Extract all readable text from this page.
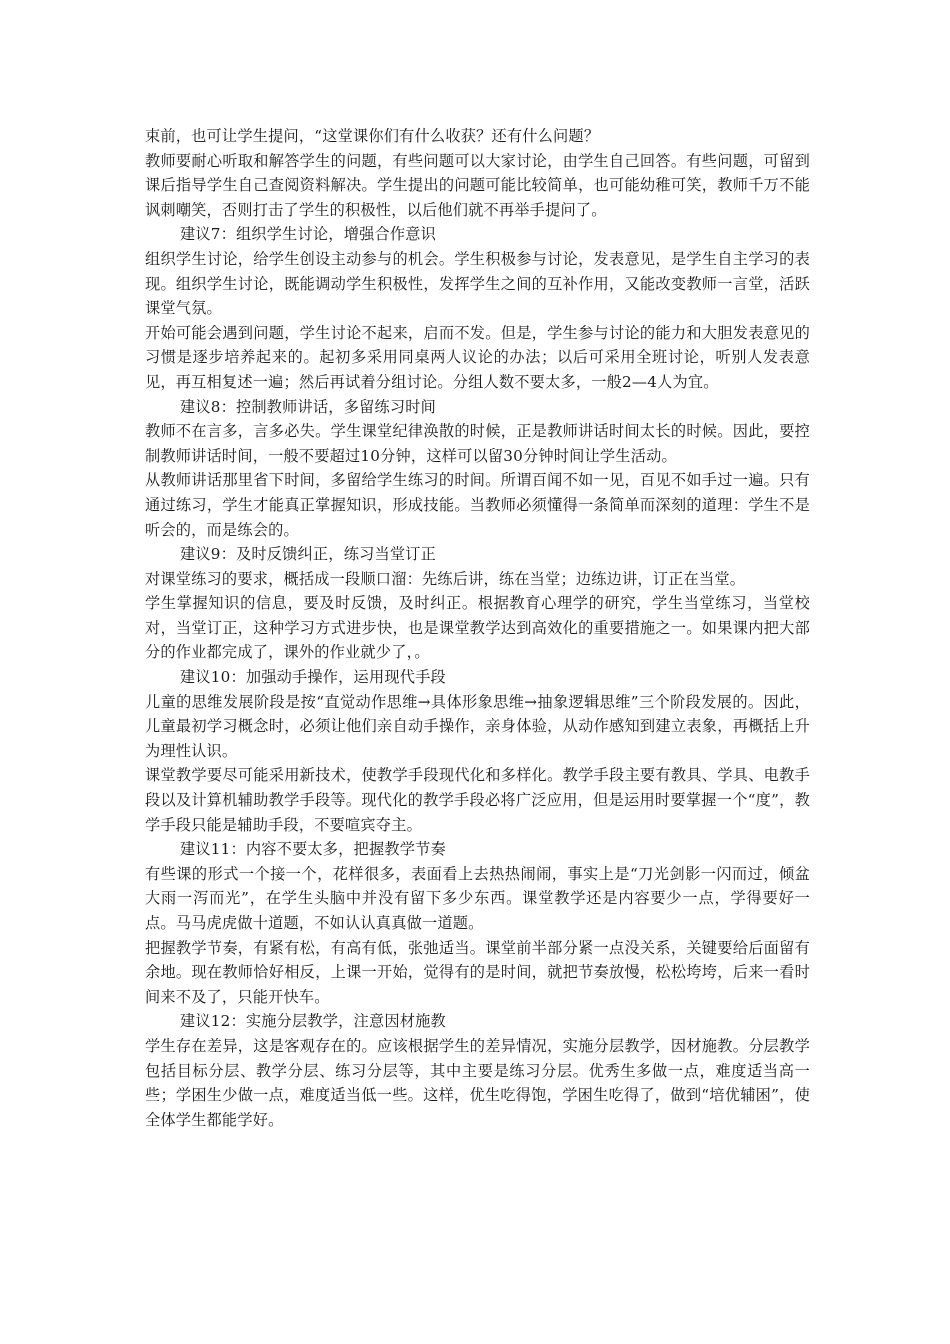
束前，也可让学生提问，“这堂课你们有什么收获？还有什么问题？

教师要耐心听取和解答学生的问题，有些问题可以大家讨论，由学生自己回答。有些问题，可留到课后指导学生自己查阅资料解决。学生提出的问题可能比较简单，也可能幼稚可笑，教师千万不能讽刺嘲笑，否则打击了学生的积极性，以后他们就不再举手提问了。

建议7：组织学生讨论，增强合作意识

组织学生讨论，给学生创设主动参与的机会。学生积极参与讨论，发表意见，是学生自主学习的表现。组织学生讨论，既能调动学生积极性，发挥学生之间的互补作用，又能改变教师一言堂，活跃课堂气氛。

开始可能会遇到问题，学生讨论不起来，启而不发。但是，学生参与讨论的能力和大胆发表意见的习惯是逐步培养起来的。起初多采用同桌两人议论的办法；以后可采用全班讨论，听别人发表意见，再互相复述一遍；然后再试着分组讨论。分组人数不要太多，一般2—4人为宜。

建议8：控制教师讲话，多留练习时间

教师不在言多，言多必失。学生课堂纪律涣散的时候，正是教师讲话时间太长的时候。因此，要控制教师讲话时间，一般不要超过10分钟，这样可以留30分钟时间让学生活动。

从教师讲话那里省下时间，多留给学生练习的时间。所谓百闻不如一见，百见不如手过一遍。只有通过练习，学生才能真正掌握知识，形成技能。当教师必须懂得一条简单而深刻的道理：学生不是听会的，而是练会的。

建议9：及时反馈纠正，练习当堂订正

对课堂练习的要求，概括成一段顺口溜：先练后讲，练在当堂；边练边讲，订正在当堂。

学生掌握知识的信息，要及时反馈，及时纠正。根据教育心理学的研究，学生当堂练习，当堂校对，当堂订正，这种学习方式进步快，也是课堂教学达到高效化的重要措施之一。如果课内把大部分的作业都完成了，课外的作业就少了，。

建议10：加强动手操作，运用现代手段

儿童的思维发展阶段是按“直觉动作思维→具体形象思维→抽象逻辑思维”三个阶段发展的。因此，儿童最初学习概念时，必须让他们亲自动手操作，亲身体验，从动作感知到建立表象，再概括上升为理性认识。

课堂教学要尽可能采用新技术，使教学手段现代化和多样化。教学手段主要有教具、学具、电教手段以及计算机辅助教学手段等。现代化的教学手段必将广泛应用，但是运用时要掌握一个“度”，教学手段只能是辅助手段，不要喧宾夺主。

建议11：内容不要太多，把握教学节奏

有些课的形式一个接一个，花样很多，表面看上去热热闹闹，事实上是“刀光剑影一闪而过，倾盆大雨一泻而光”，在学生头脑中并没有留下多少东西。课堂教学还是内容要少一点，学得要好一点。马马虎虎做十道题，不如认认真真做一道题。

把握教学节奏，有紧有松，有高有低，张弛适当。课堂前半部分紧一点没关系，关键要给后面留有余地。现在教师恰好相反，上课一开始，觉得有的是时间，就把节奏放慢，松松垮垮，后来一看时间来不及了，只能开快车。

建议12：实施分层教学，注意因材施教

学生存在差异，这是客观存在的。应该根据学生的差异情况，实施分层教学，因材施教。分层教学包括目标分层、教学分层、练习分层等，其中主要是练习分层。优秀生多做一点，难度适当高一些；学困生少做一点，难度适当低一些。这样，优生吃得饱，学困生吃得了，做到“培优辅困”，使全体学生都能学好。
